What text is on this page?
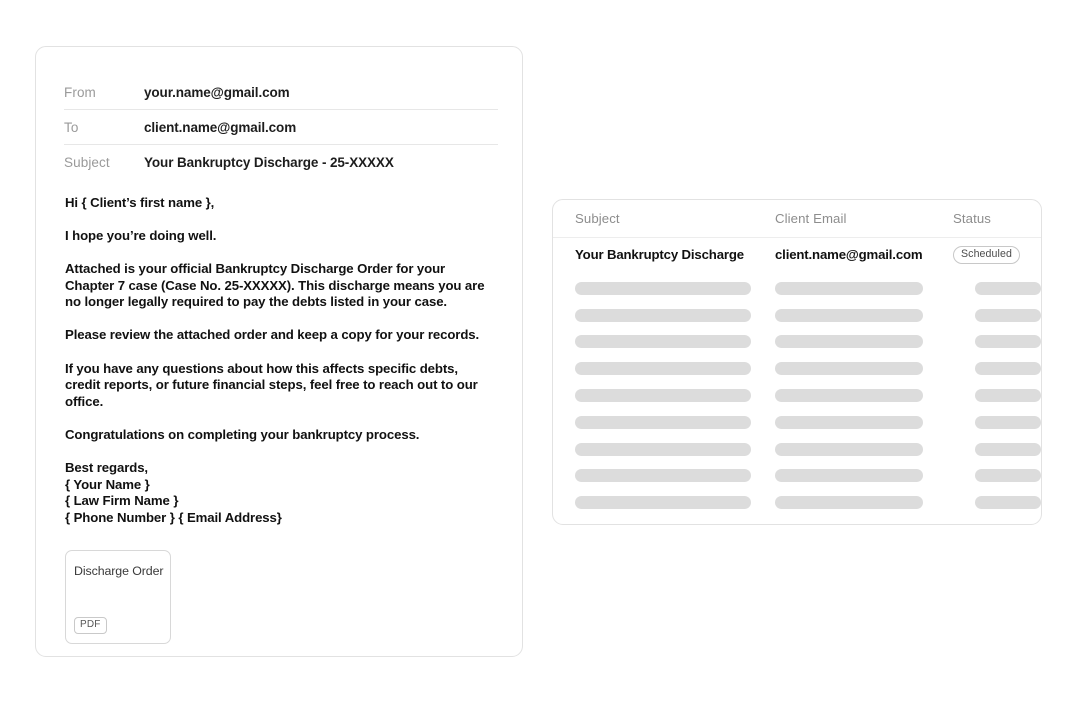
From	your.name@gmail.com
To	client.name@gmail.com
Subject	Your Bankruptcy Discharge - 25-XXXXX

Hi { Client’s first name },

I hope you’re doing well.

Attached is your official Bankruptcy Discharge Order for your Chapter 7 case (Case No. 25-XXXXX). This discharge means you are no longer legally required to pay the debts listed in your case.

Please review the attached order and keep a copy for your records.

If you have any questions about how this affects specific debts, credit reports, or future financial steps, feel free to reach out to our office.

Congratulations on completing your bankruptcy process.

Best regards,
{ Your Name }
{ Law Firm Name }
{ Phone Number } { Email Address}

Discharge Order
PDF
Subject	Client Email	Status
Your Bankruptcy Discharge	client.name@gmail.com	Scheduled
